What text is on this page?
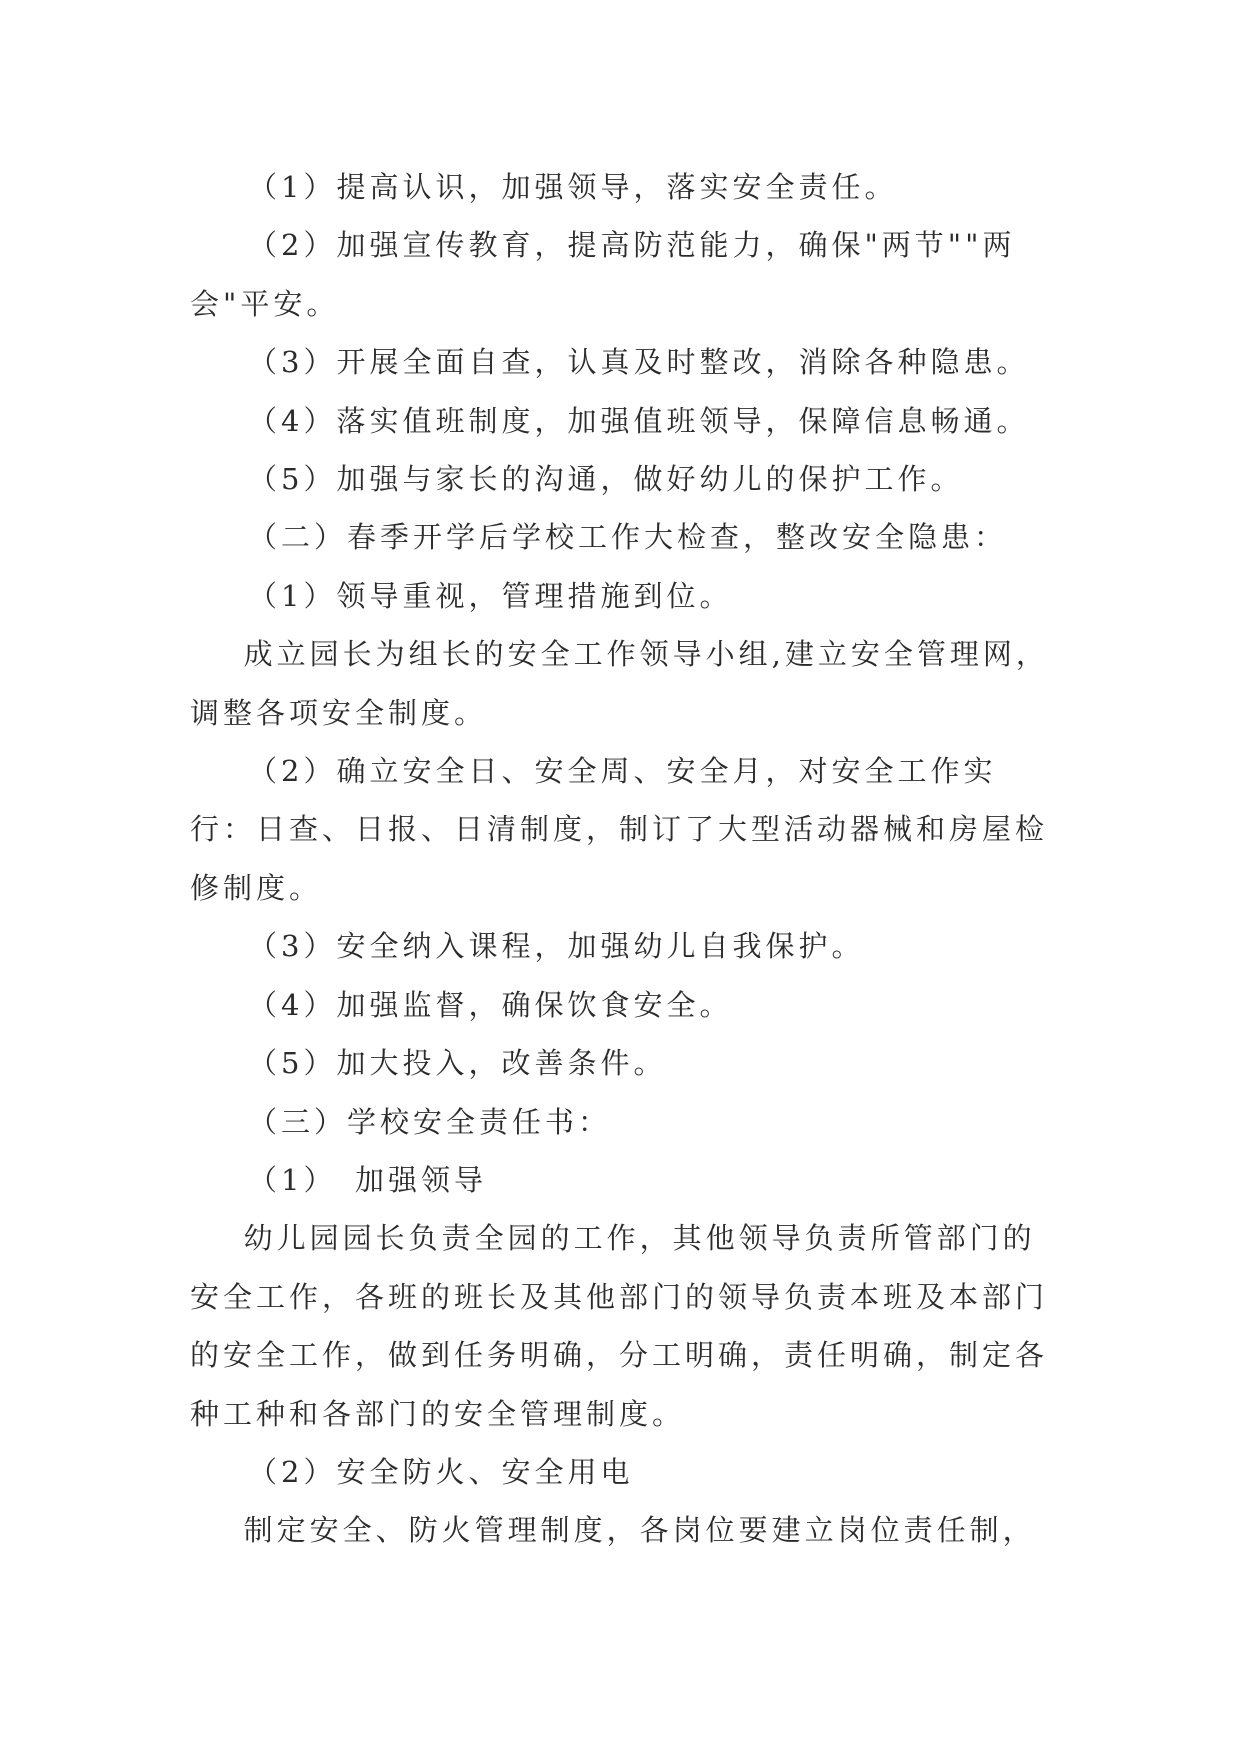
（1）提高认识，加强领导，落实安全责任。

（2）加强宣传教育，提高防范能力，确保"两节""两会"平安。

（3）开展全面自查，认真及时整改，消除各种隐患。

（4）落实值班制度，加强值班领导，保障信息畅通。

（5）加强与家长的沟通，做好幼儿的保护工作。

（二）春季开学后学校工作大检查，整改安全隐患：

（1）领导重视，管理措施到位。

成立园长为组长的安全工作领导小组,建立安全管理网，调整各项安全制度。

（2）确立安全日、安全周、安全月，对安全工作实行：日查、日报、日清制度，制订了大型活动器械和房屋检修制度。

（3）安全纳入课程，加强幼儿自我保护。

（4）加强监督，确保饮食安全。

（5）加大投入，改善条件。

（三）学校安全责任书：

（1）　加强领导

幼儿园园长负责全园的工作，其他领导负责所管部门的安全工作，各班的班长及其他部门的领导负责本班及本部门的安全工作，做到任务明确，分工明确，责任明确，制定各种工种和各部门的安全管理制度。

（2）安全防火、安全用电

制定安全、防火管理制度，各岗位要建立岗位责任制，
